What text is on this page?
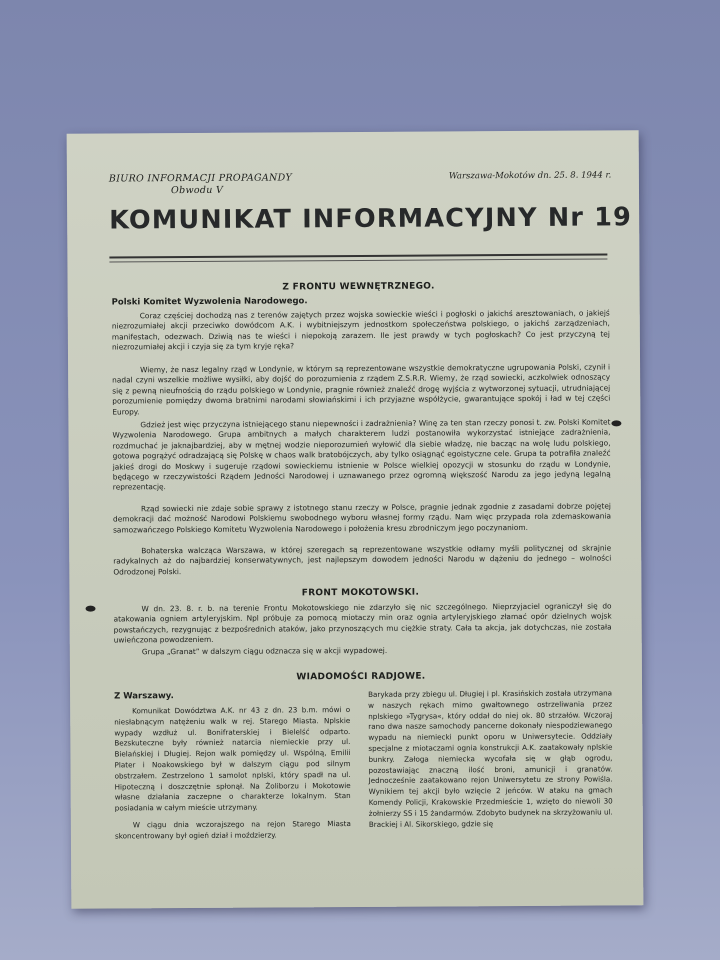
BIURO INFORMACJI PROPAGANDY
Obwodu V
Warszawa-Mokotów dn. 25. 8. 1944 r.
KOMUNIKAT INFORMACYJNY Nr 19
Z FRONTU WEWNĘTRZNEGO.
Polski Komitet Wyzwolenia Narodowego.
Coraz częściej dochodzą nas z terenów zajętych przez wojska sowieckie wieści i pogłoski o jakichś aresztowaniach, o jakiejś niezrozumiałej akcji przeciwko dowódcom A.K. i wybitniejszym jednostkom społeczeństwa polskiego, o jakichś zarządzeniach, manifestach, odezwach. Dziwią nas te wieści i niepokoją zarazem. Ile jest prawdy w tych pogłoskach? Co jest przyczyną tej niezrozumiałej akcji i czyja się za tym kryje ręka?
Wiemy, że nasz legalny rząd w Londynie, w którym są reprezentowane wszystkie demokratyczne ugrupowania Polski, czynił i nadal czyni wszelkie możliwe wysiłki, aby dojść do porozumienia z rządem Z.S.R.R. Wiemy, że rząd sowiecki, aczkolwiek odnoszący się z pewną nieufnością do rządu polskiego w Londynie, pragnie również znaleźć drogę wyjścia z wytworzonej sytuacji, utrudniającej porozumienie pomiędzy dwoma bratnimi narodami słowiańskimi i ich przyjazne współżycie, gwarantujące spokój i ład w tej części Europy.
Gdzież jest więc przyczyna istniejącego stanu niepewności i zadrażnienia? Winę za ten stan rzeczy ponosi t. zw. Polski Komitet Wyzwolenia Narodowego. Grupa ambitnych a małych charakterem ludzi postanowiła wykorzystać istniejące zadrażnienia, rozdmuchać je jaknajbardziej, aby w mętnej wodzie nieporozumień wyłowić dla siebie władzę, nie bacząc na wolę ludu polskiego, gotowa pogrążyć odradzającą się Polskę w chaos walk bratobójczych, aby tylko osiągnąć egoistyczne cele. Grupa ta potrafiła znaleźć jakieś drogi do Moskwy i sugeruje rządowi sowieckiemu istnienie w Polsce wielkiej opozycji w stosunku do rządu w Londynie, będącego w rzeczywistości Rządem Jedności Narodowej i uznawanego przez ogromną większość Narodu za jego jedyną legalną reprezentację.
Rząd sowiecki nie zdaje sobie sprawy z istotnego stanu rzeczy w Polsce, pragnie jednak zgodnie z zasadami dobrze pojętej demokracji dać możność Narodowi Polskiemu swobodnego wyboru własnej formy rządu. Nam więc przypada rola zdemaskowania samozwańczego Polskiego Komitetu Wyzwolenia Narodowego i położenia kresu zbrodniczym jego poczynaniom.
Bohaterska walcząca Warszawa, w której szeregach są reprezentowane wszystkie odłamy myśli politycznej od skrajnie radykalnych aż do najbardziej konserwatywnych, jest najlepszym dowodem jedności Narodu w dążeniu do jednego – wolności Odrodzonej Polski.
FRONT MOKOTOWSKI.
W dn. 23. 8. r. b. na terenie Frontu Mokotowskiego nie zdarzyło się nic szczególnego. Nieprzyjaciel ograniczył się do atakowania ogniem artyleryjskim. Npl próbuje za pomocą miotaczy min oraz ognia artyleryjskiego złamać opór dzielnych wojsk powstańczych, rezygnując z bezpośrednich ataków, jako przynoszących mu ciężkie straty. Cała ta akcja, jak dotychczas, nie została uwieńczona powodzeniem.
Grupa „Granat” w dalszym ciągu odznacza się w akcji wypadowej.
WIADOMOŚCI RADJOWE.
Z Warszawy.
Komunikat Dowództwa A.K. nr 43 z dn. 23 b.m. mówi o niesłabnącym natężeniu walk w rej. Starego Miasta. Nplskie wypady wzdłuż ul. Bonifraterskiej i Bielelść odparto. Bezskuteczne były również natarcia niemieckie przy ul. Bielańskiej i Długiej. Rejon walk pomiędzy ul. Wspólną, Emilii Plater i Noakowskiego był w dalszym ciągu pod silnym obstrzałem. Zestrzelono 1 samolot nplski, który spadł na ul. Hipoteczną i doszczętnie spłonął. Na Żoliborzu i Mokotowie własne działania zaczepne o charakterze lokalnym. Stan posiadania w całym mieście utrzymany.
W ciągu dnia wczorajszego na rejon Starego Miasta skoncentrowany był ogień dział i moździerzy.
Barykada przy zbiegu ul. Długiej i pl. Krasińskich została utrzymana w naszych rękach mimo gwałtownego ostrzeliwania przez nplskiego »Tygrysa«, który oddał do niej ok. 80 strzałów. Wczoraj rano dwa nasze samochody pancerne dokonały niespodziewanego wypadu na niemiecki punkt oporu w Uniwersytecie. Oddziały specjalne z miotaczami ognia konstrukcji A.K. zaatakowały nplskie bunkry. Załoga niemiecka wycofała się w głąb ogrodu, pozostawiając znaczną ilość broni, amunicji i granatów. Jednocześnie zaatakowano rejon Uniwersytetu ze strony Powiśla. Wynikiem tej akcji było wzięcie 2 jeńców. W ataku na gmach Komendy Policji, Krakowskie Przedmieście 1, wzięto do niewoli 30 żołnierzy SS i 15 żandarmów. Zdobyto budynek na skrzyżowaniu ul. Brackiej i Al. Sikorskiego, gdzie się
